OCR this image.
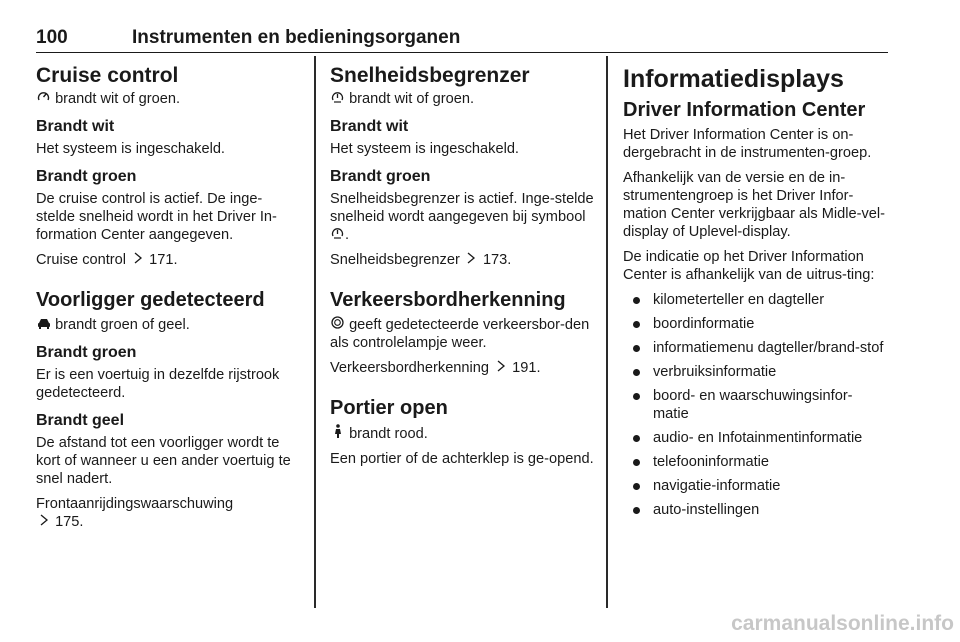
100	Instrumenten en bedieningsorganen
Cruise control

brandt wit of groen.

Brandt wit

Het systeem is ingeschakeld.

Brandt groen

De cruise control is actief. De inge-stelde snelheid wordt in het Driver In-formation Center aangegeven.

Cruise control 171.

Voorligger gedetecteerd

brandt groen of geel.

Brandt groen

Er is een voertuig in dezelfde rijstrook gedetecteerd.

Brandt geel

De afstand tot een voorligger wordt te kort of wanneer u een ander voertuig te snel nadert.

Frontaanrijdingswaarschuwing
175.

Snelheidsbegrenzer

brandt wit of groen.

Brandt wit

Het systeem is ingeschakeld.

Brandt groen

Snelheidsbegrenzer is actief. Inge-stelde snelheid wordt aangegeven bij symbool .

Snelheidsbegrenzer 173.

Verkeersbordherkenning

geeft gedetecteerde verkeersbor-den als controlelampje weer.

Verkeersbordherkenning 191.

Portier open

brandt rood.

Een portier of de achterklep is ge-opend.

Informatiedisplays
Driver Information Center

Het Driver Information Center is on-dergebracht in de instrumenten-groep.

Afhankelijk van de versie en de in-strumentengroep is het Driver Infor-mation Center verkrijgbaar als Midle-vel-display of Uplevel-display.

De indicatie op het Driver Information Center is afhankelijk van de uitrus-ting:

kilometerteller en dagteller
boordinformatie
informatiemenu dagteller/brand-stof
verbruiksinformatie
boord- en waarschuwingsinfor-matie
audio- en Infotainmentinformatie
telefooninformatie
navigatie-informatie
auto-instellingen
carmanualsonline.info
